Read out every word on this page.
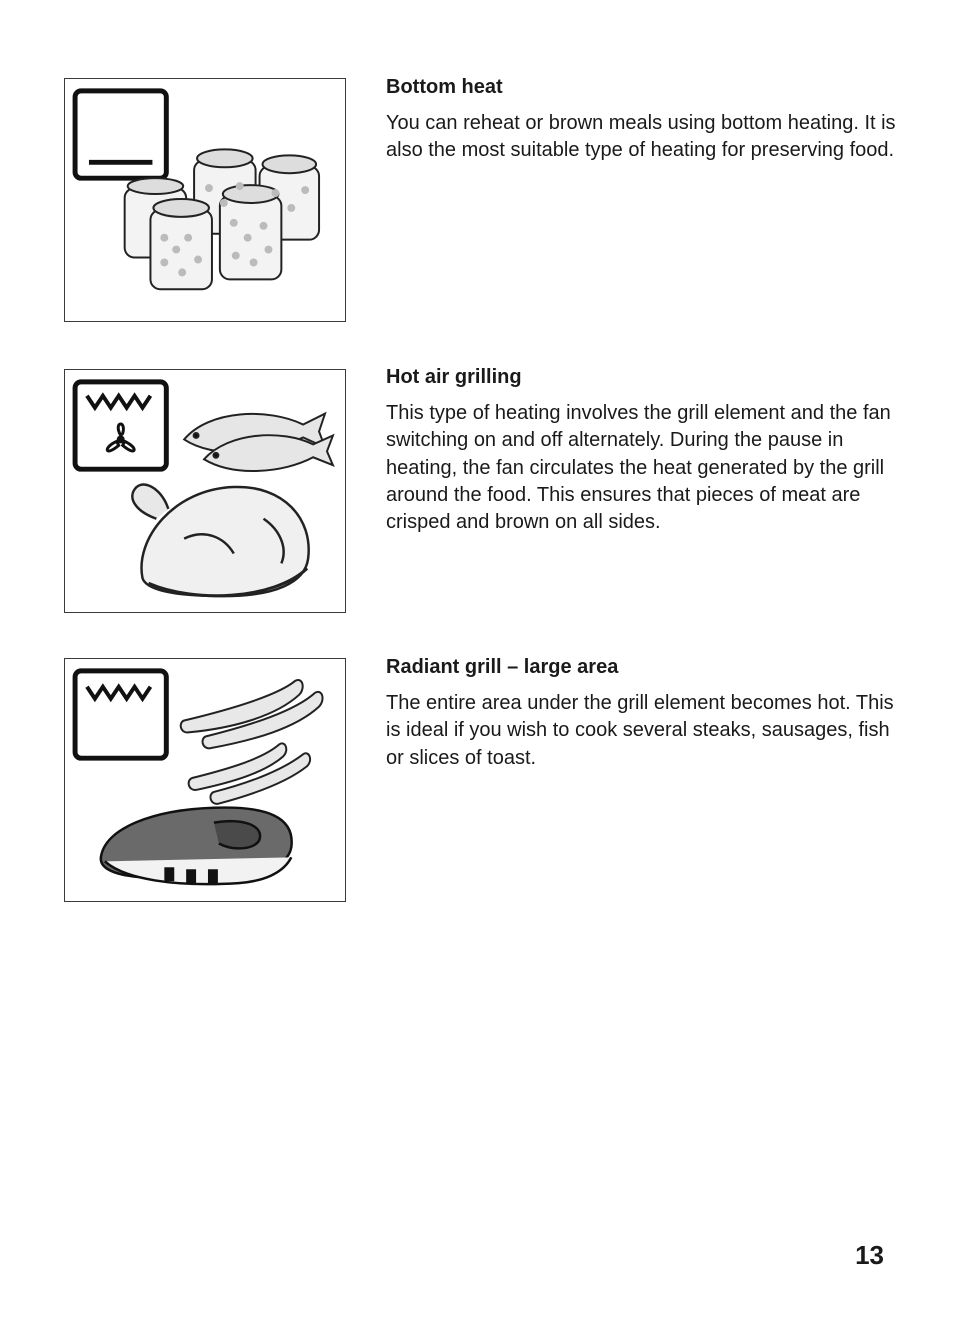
Bottom heat

You can reheat or brown meals using bottom heating. It is also the most suitable type of heating for preserving food.

Hot air grilling

This type of heating involves the grill element and the fan switching on and off alternately. During the pause in heating, the fan circulates the heat generated by the grill around the food. This ensures that pieces of meat are crisped and brown on all sides.

Radiant grill – large area

The entire area under the grill element becomes hot. This is ideal if you wish to cook several steaks, sausages, fish or slices of toast.

13
